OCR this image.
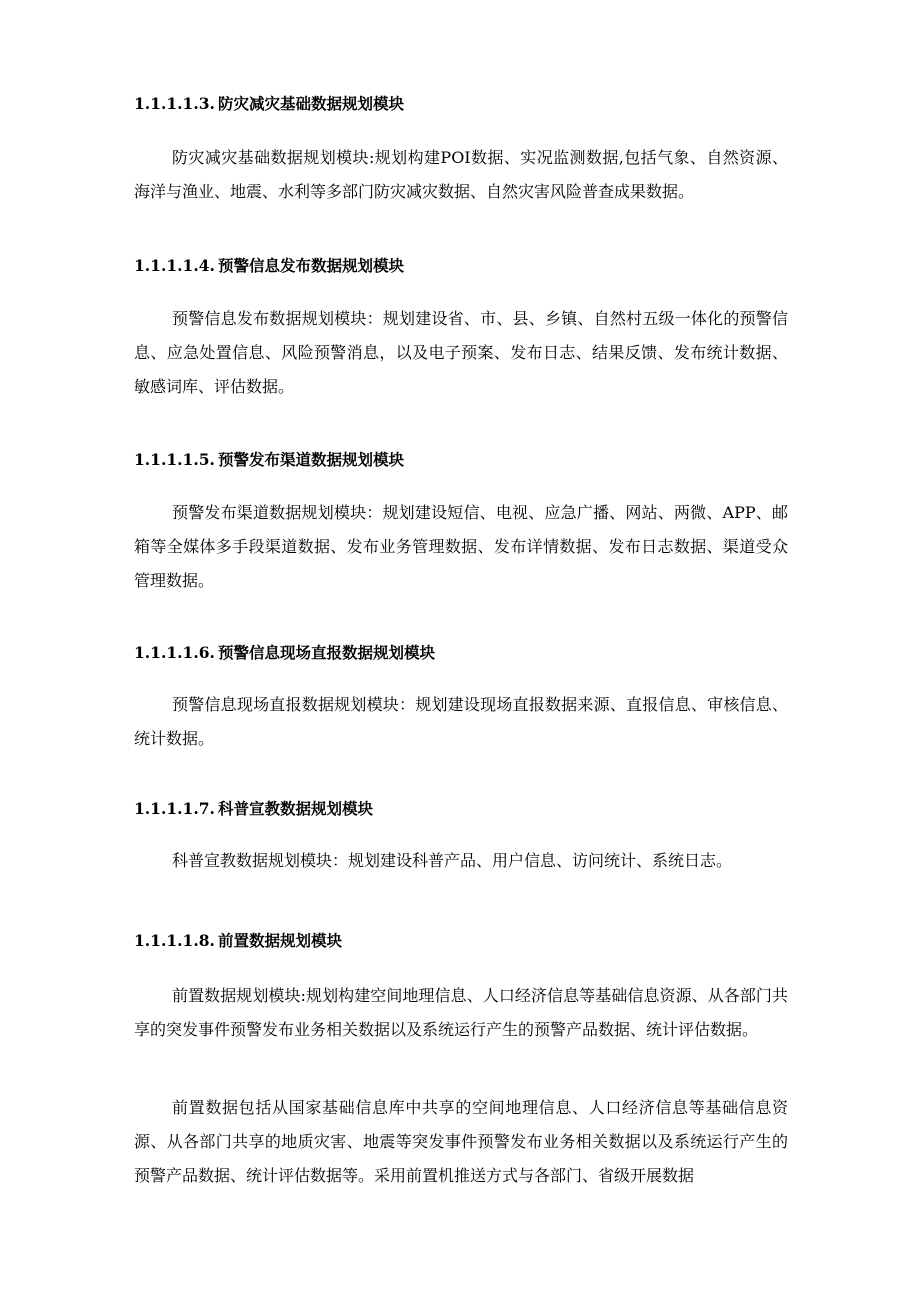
1.1.1.1.3. 防灾减灾基础数据规划模块

防灾减灾基础数据规划模块:规划构建POI数据、实况监测数据,包括气象、自然资源、海洋与渔业、地震、水利等多部门防灾减灾数据、自然灾害风险普查成果数据。

1.1.1.1.4. 预警信息发布数据规划模块

预警信息发布数据规划模块：规划建设省、市、县、乡镇、自然村五级一体化的预警信息、应急处置信息、风险预警消息，以及电子预案、发布日志、结果反馈、发布统计数据、敏感词库、评估数据。

1.1.1.1.5. 预警发布渠道数据规划模块

预警发布渠道数据规划模块：规划建设短信、电视、应急广播、网站、两微、APP、邮箱等全媒体多手段渠道数据、发布业务管理数据、发布详情数据、发布日志数据、渠道受众管理数据。

1.1.1.1.6. 预警信息现场直报数据规划模块

预警信息现场直报数据规划模块：规划建设现场直报数据来源、直报信息、审核信息、统计数据。

1.1.1.1.7. 科普宣教数据规划模块

科普宣教数据规划模块：规划建设科普产品、用户信息、访问统计、系统日志。

1.1.1.1.8. 前置数据规划模块

前置数据规划模块:规划构建空间地理信息、人口经济信息等基础信息资源、从各部门共享的突发事件预警发布业务相关数据以及系统运行产生的预警产品数据、统计评估数据。

前置数据包括从国家基础信息库中共享的空间地理信息、人口经济信息等基础信息资源、从各部门共享的地质灾害、地震等突发事件预警发布业务相关数据以及系统运行产生的预警产品数据、统计评估数据等。采用前置机推送方式与各部门、省级开展数据
